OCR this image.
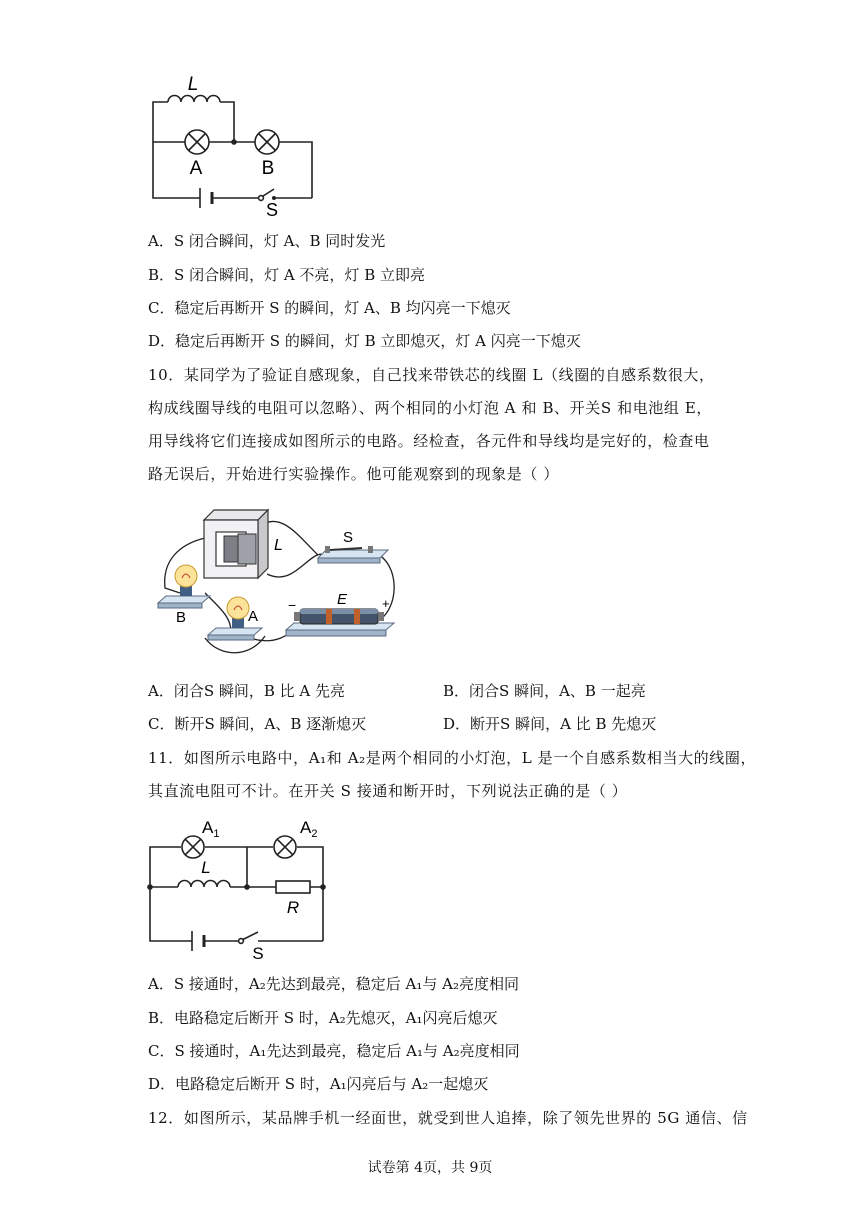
L
A	B
S
A．S 闭合瞬间，灯 A、B 同时发光
B．S 闭合瞬间，灯 A 不亮，灯 B 立即亮
C．稳定后再断开 S 的瞬间，灯 A、B 均闪亮一下熄灭
D．稳定后再断开 S 的瞬间，灯 B 立即熄灭，灯 A 闪亮一下熄灭
10．某同学为了验证自感现象，自己找来带铁芯的线圈 L（线圈的自感系数很大，构成线圈导线的电阻可以忽略）、两个相同的小灯泡 A 和 B、开关S 和电池组 E，用导线将它们连接成如图所示的电路。经检查，各元件和导线均是完好的，检查电路无误后，开始进行实验操作。他可能观察到的现象是（ ）
L	S
B	A
E
−	+
A．闭合S 瞬间，B 比 A 先亮	B．闭合S 瞬间，A、B 一起亮
C．断开S 瞬间，A、B 逐渐熄灭	D．断开S 瞬间，A 比 B 先熄灭
11．如图所示电路中，A₁和 A₂是两个相同的小灯泡，L 是一个自感系数相当大的线圈，
其直流电阻可不计。在开关 S 接通和断开时，下列说法正确的是（ ）
$A_1$	$A_2$
L
R
S
A．S 接通时，A₂先达到最亮，稳定后 A₁与 A₂亮度相同
B．电路稳定后断开 S 时，A₂先熄灭，A₁闪亮后熄灭
C．S 接通时，A₁先达到最亮，稳定后 A₁与 A₂亮度相同
D．电路稳定后断开 S 时，A₁闪亮后与 A₂一起熄灭
12．如图所示，某品牌手机一经面世，就受到世人追捧，除了领先世界的 5G 通信、信
试卷第 4页，共 9页
